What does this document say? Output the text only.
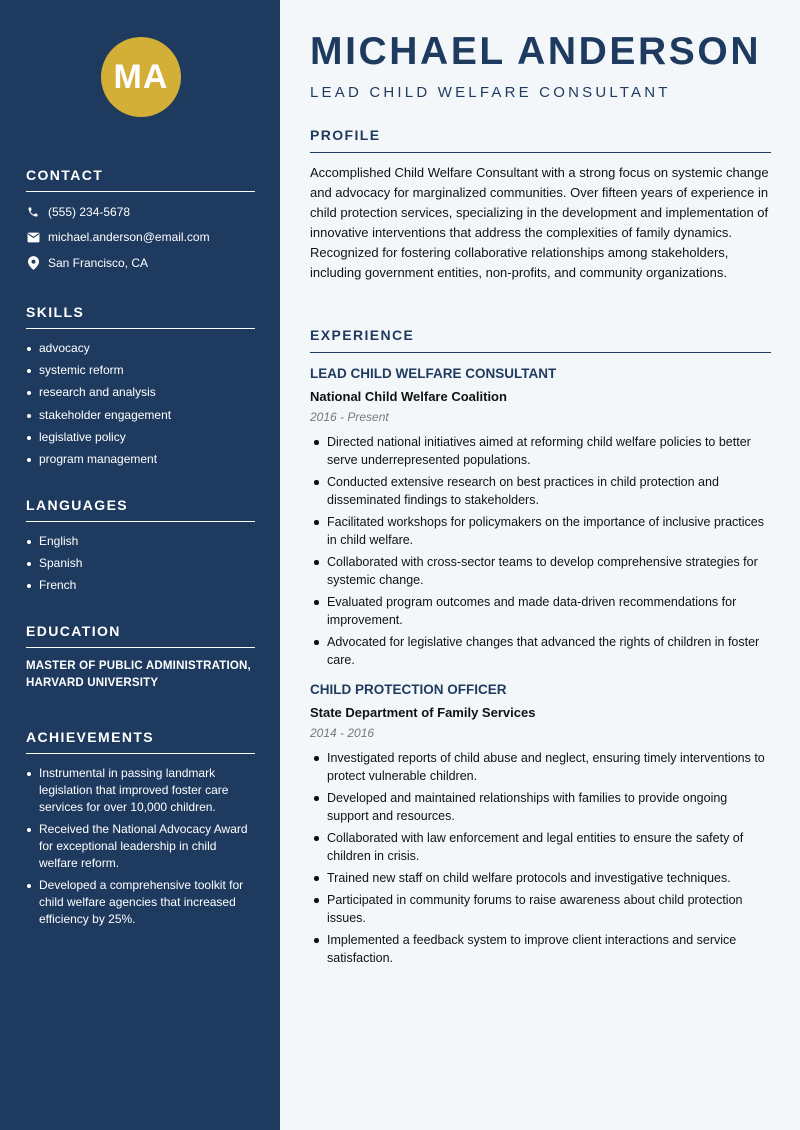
MA
CONTACT
(555) 234-5678
michael.anderson@email.com
San Francisco, CA
SKILLS
advocacy
systemic reform
research and analysis
stakeholder engagement
legislative policy
program management
LANGUAGES
English
Spanish
French
EDUCATION

MASTER OF PUBLIC ADMINISTRATION, HARVARD UNIVERSITY

ACHIEVEMENTS
Instrumental in passing landmark legislation that improved foster care services for over 10,000 children.
Received the National Advocacy Award for exceptional leadership in child welfare reform.
Developed a comprehensive toolkit for child welfare agencies that increased efficiency by 25%.
MICHAEL ANDERSON
LEAD CHILD WELFARE CONSULTANT
PROFILE

Accomplished Child Welfare Consultant with a strong focus on systemic change and advocacy for marginalized communities. Over fifteen years of experience in child protection services, specializing in the development and implementation of innovative interventions that address the complexities of family dynamics. Recognized for fostering collaborative relationships among stakeholders, including government entities, non-profits, and community organizations.

EXPERIENCE
LEAD CHILD WELFARE CONSULTANT
National Child Welfare Coalition
2016 - Present
Directed national initiatives aimed at reforming child welfare policies to better serve underrepresented populations.
Conducted extensive research on best practices in child protection and disseminated findings to stakeholders.
Facilitated workshops for policymakers on the importance of inclusive practices in child welfare.
Collaborated with cross-sector teams to develop comprehensive strategies for systemic change.
Evaluated program outcomes and made data-driven recommendations for improvement.
Advocated for legislative changes that advanced the rights of children in foster care.
CHILD PROTECTION OFFICER
State Department of Family Services
2014 - 2016
Investigated reports of child abuse and neglect, ensuring timely interventions to protect vulnerable children.
Developed and maintained relationships with families to provide ongoing support and resources.
Collaborated with law enforcement and legal entities to ensure the safety of children in crisis.
Trained new staff on child welfare protocols and investigative techniques.
Participated in community forums to raise awareness about child protection issues.
Implemented a feedback system to improve client interactions and service satisfaction.
